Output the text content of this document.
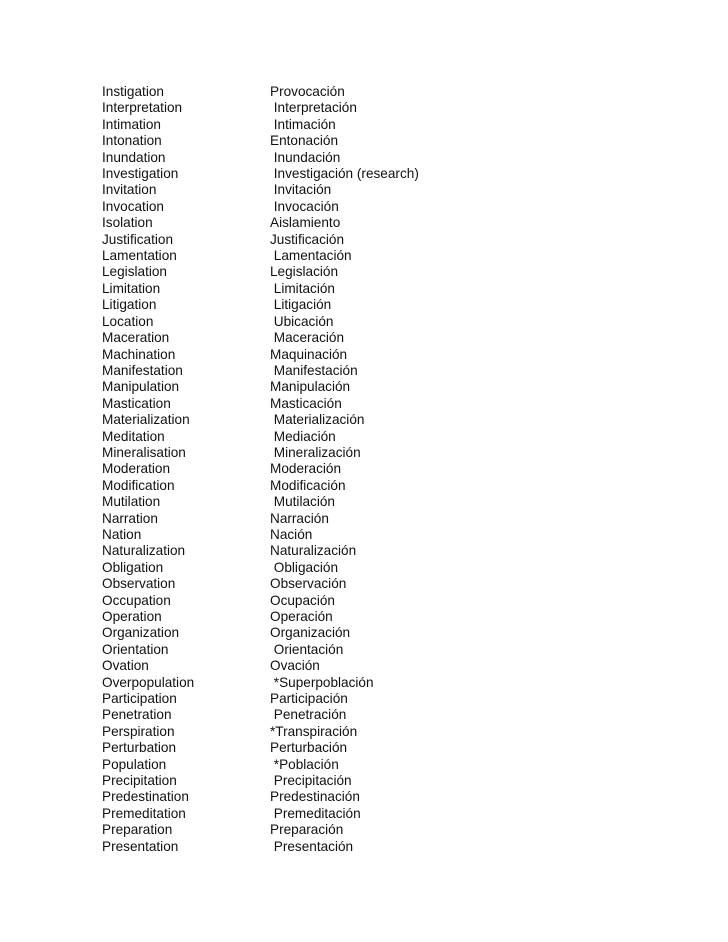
Instigation	Provocación
Interpretation	Interpretación
Intimation	Intimación
Intonation	Entonación
Inundation	Inundación
Investigation	Investigación (research)
Invitation	Invitación
Invocation	Invocación
Isolation	Aislamiento
Justification	Justificación
Lamentation	Lamentación
Legislation	Legislación
Limitation	Limitación
Litigation	Litigación
Location	Ubicación
Maceration	Maceración
Machination	Maquinación
Manifestation	Manifestación
Manipulation	Manipulación
Mastication	Masticación
Materialization	Materialización
Meditation	Mediación
Mineralisation	Mineralización
Moderation	Moderación
Modification	Modificación
Mutilation	Mutilación
Narration	Narración
Nation	Nación
Naturalization	Naturalización
Obligation	Obligación
Observation	Observación
Occupation	Ocupación
Operation	Operación
Organization	Organización
Orientation	Orientación
Ovation	Ovación
Overpopulation	*Superpoblación
Participation	Participación
Penetration	Penetración
Perspiration	*Transpiración
Perturbation	Perturbación
Population	*Población
Precipitation	Precipitación
Predestination	Predestinación
Premeditation	Premeditación
Preparation	Preparación
Presentation	Presentación
